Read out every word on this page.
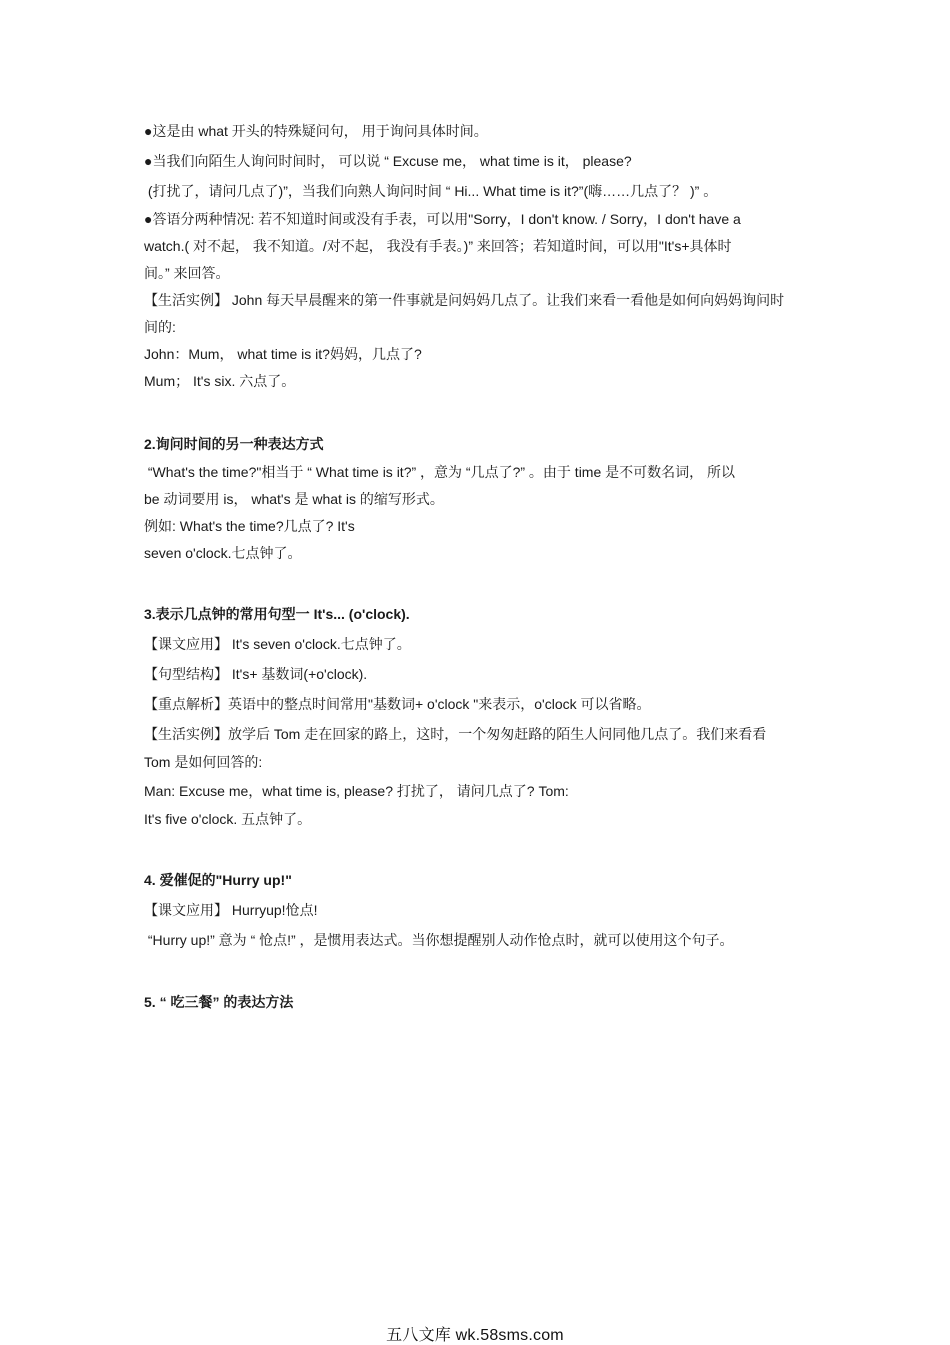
●这是由 what 开头的特殊疑问句， 用于询问具体时间。
●当我们向陌生人询问时间时， 可以说 “ Excuse me， what time is it， please?
(打扰了，请问几点了)”，当我们向熟人询问时间 “ Hi... What time is it?”(嗨……几点了？ )” 。
●答语分两种情况: 若不知道时间或没有手表，可以用"Sorry，I don't know. / Sorry，I don't have a
watch.( 对不起， 我不知道。/对不起， 我没有手表。)” 来回答；若知道时间，可以用"It's+具体时
间。” 来回答。
【生活实例】 John 每天早晨醒来的第一件事就是问妈妈几点了。让我们来看一看他是如何向妈妈询问时
间的:
John：Mum， what time is it?妈妈，几点了?
Mum； It's six. 六点了。
2.询问时间的另一种表达方式
“What's the time?"相当于 “ What time is it?” ，意为 “几点了?” 。由于 time 是不可数名词， 所以
be 动词要用 is， what's 是 what is 的缩写形式。
例如: What's the time?几点了? It's
seven o'clock.七点钟了。
3.表示几点钟的常用句型一 It's... (o'clock).
【课文应用】 It's seven o'clock.七点钟了。
【句型结构】 It's+ 基数词(+o'clock).
【重点解析】英语中的整点时间常用"基数词+ o'clock "来表示，o'clock 可以省略。
【生活实例】放学后 Tom 走在回家的路上，这时，一个匆匆赶路的陌生人问同他几点了。我们来看看
Tom 是如何回答的:
Man: Excuse me，what time is, please? 打扰了， 请问几点了? Tom:
It's five o'clock. 五点钟了。
4. 爱催促的"Hurry up!"
【课文应用】 Hurryup!怆点!
“Hurry up!” 意为 “ 怆点!” ，是惯用表达式。当你想提醒别人动作怆点时，就可以使用这个句子。
5. “ 吃三餐” 的表达方法
五八文库 wk.58sms.com
